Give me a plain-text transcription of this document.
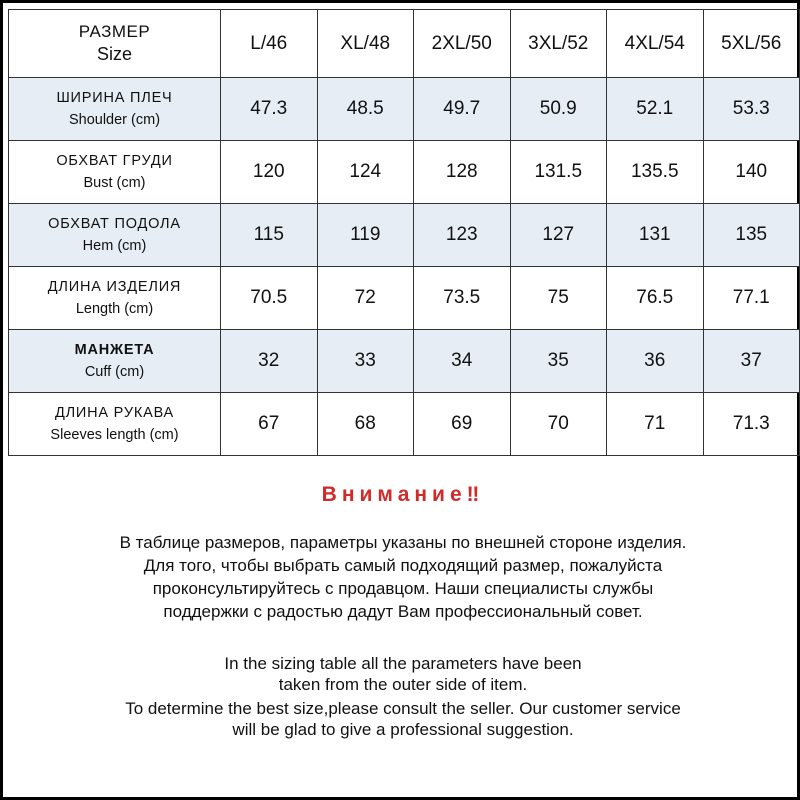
РАЗМЕР
Size	L/46	XL/48	2XL/50	3XL/52	4XL/54	5XL/56

ШИРИНА ПЛЕЧ
Shoulder (cm)	47.3	48.5	49.7	50.9	52.1	53.3

ОБХВАТ ГРУДИ
Bust (cm)	120	124	128	131.5	135.5	140

ОБХВАТ ПОДОЛА
Hem (cm)	115	119	123	127	131	135

ДЛИНА ИЗДЕЛИЯ
Length (cm)	70.5	72	73.5	75	76.5	77.1

МАНЖЕТА
Cuff (cm)	32	33	34	35	36	37

ДЛИНА РУКАВА
Sleeves length (cm)	67	68	69	70	71	71.3
Внимание‼
В таблице размеров, параметры указаны по внешней стороне изделия.
Для того, чтобы выбрать самый подходящий размер, пожалуйста
проконсультируйтесь с продавцом. Наши специалисты службы
поддержки с радостью дадут Вам профессиональный совет.
In the sizing table all the parameters have been
taken from the outer side of item.
To determine the best size,please consult the seller. Our customer service
will be glad to give a professional suggestion.
